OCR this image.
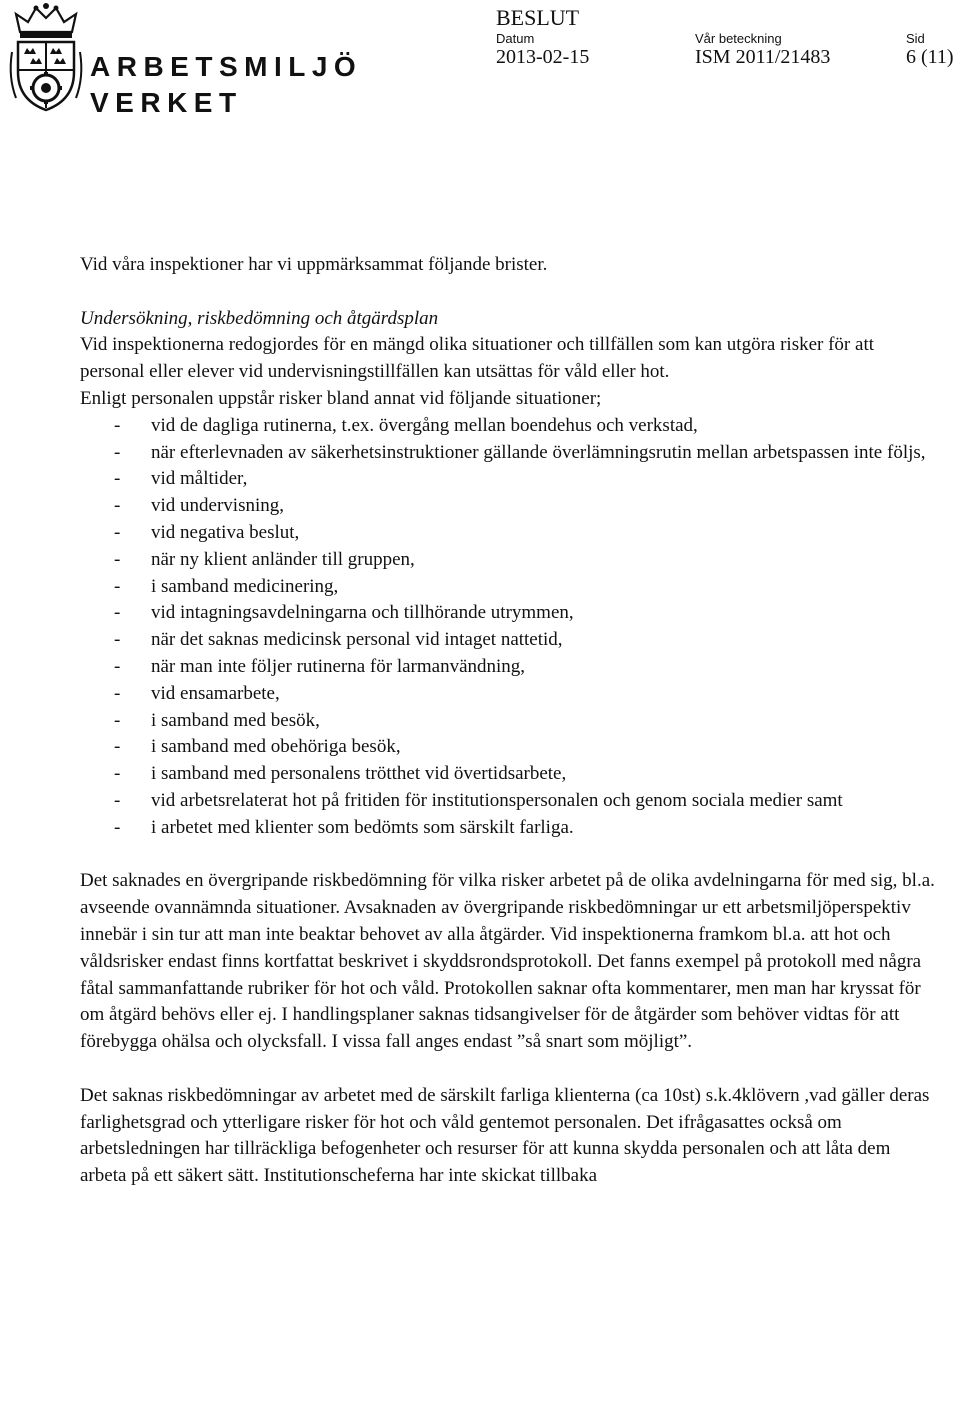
ARBETSMILJÖ
VERKET
BESLUT
Datum
2013-02-15
Vår beteckning
ISM 2011/21483
Sid
6 (11)

Vid våra inspektioner har vi uppmärksammat följande brister.

Undersökning, riskbedömning och åtgärdsplan

Vid inspektionerna redogjordes för en mängd olika situationer och tillfällen som kan utgöra risker för att personal eller elever vid undervisningstillfällen kan utsättas för våld eller hot.

Enligt personalen uppstår risker bland annat vid följande situationer;

- vid de dagliga rutinerna, t.ex. övergång mellan boendehus och verkstad,
- när efterlevnaden av säkerhetsinstruktioner gällande överlämningsrutin mellan arbetspassen inte följs,
- vid måltider,
- vid undervisning,
- vid negativa beslut,
- när ny klient anländer till gruppen,
- i samband medicinering,
- vid intagningsavdelningarna och tillhörande utrymmen,
- när det saknas medicinsk personal vid intaget nattetid,
- när man inte följer rutinerna för larmanvändning,
- vid ensamarbete,
- i samband med besök,
- i samband med obehöriga besök,
- i samband med personalens trötthet vid övertidsarbete,
- vid arbetsrelaterat hot på fritiden för institutionspersonalen och genom sociala medier samt
- i arbetet med klienter som bedömts som särskilt farliga.

Det saknades en övergripande riskbedömning för vilka risker arbetet på de olika avdelningarna för med sig, bl.a. avseende ovannämnda situationer. Avsaknaden av övergripande riskbedömningar ur ett arbetsmiljöperspektiv innebär i sin tur att man inte beaktar behovet av alla åtgärder. Vid inspektionerna framkom bl.a. att hot och våldsrisker endast finns kortfattat beskrivet i skyddsrondsprotokoll. Det fanns exempel på protokoll med några fåtal sammanfattande rubriker för hot och våld. Protokollen saknar ofta kommentarer, men man har kryssat för om åtgärd behövs eller ej. I handlingsplaner saknas tidsangivelser för de åtgärder som behöver vidtas för att förebygga ohälsa och olycksfall. I vissa fall anges endast ”så snart som möjligt”.

Det saknas riskbedömningar av arbetet med de särskilt farliga klienterna (ca 10st) s.k.4klövern ,vad gäller deras farlighetsgrad och ytterligare risker för hot och våld gentemot personalen. Det ifrågasattes också om arbetsledningen har tillräckliga befogenheter och resurser för att kunna skydda personalen och att låta dem arbeta på ett säkert sätt. Institutionscheferna har inte skickat tillbaka
